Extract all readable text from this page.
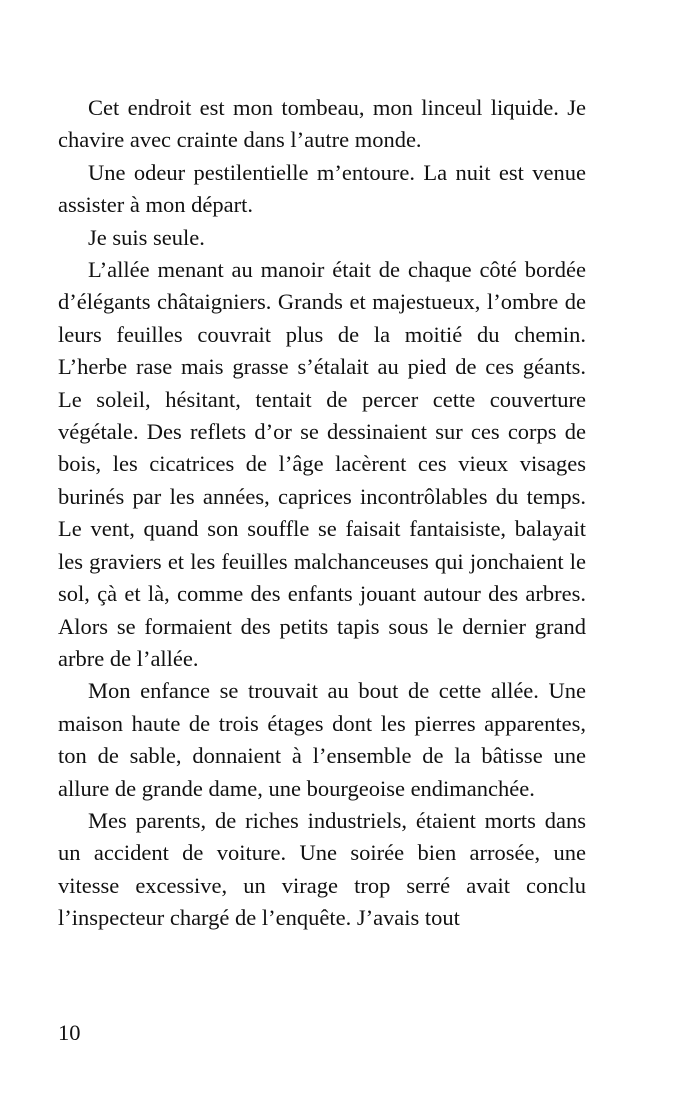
Cet endroit est mon tombeau, mon linceul liquide. Je chavire avec crainte dans l’autre monde.

Une odeur pestilentielle m’entoure. La nuit est venue assister à mon départ.

Je suis seule.

L’allée menant au manoir était de chaque côté bordée d’élégants châtaigniers. Grands et majestueux, l’ombre de leurs feuilles couvrait plus de la moitié du chemin. L’herbe rase mais grasse s’étalait au pied de ces géants. Le soleil, hésitant, tentait de percer cette couverture végétale. Des reflets d’or se dessinaient sur ces corps de bois, les cicatrices de l’âge lacèrent ces vieux visages burinés par les années, caprices incontrôlables du temps. Le vent, quand son souffle se faisait fantaisiste, balayait les graviers et les feuilles malchanceuses qui jonchaient le sol, çà et là, comme des enfants jouant autour des arbres. Alors se formaient des petits tapis sous le dernier grand arbre de l’allée.

Mon enfance se trouvait au bout de cette allée. Une maison haute de trois étages dont les pierres apparentes, ton de sable, donnaient à l’ensemble de la bâtisse une allure de grande dame, une bourgeoise endimanchée.

Mes parents, de riches industriels, étaient morts dans un accident de voiture. Une soirée bien arrosée, une vitesse excessive, un virage trop serré avait conclu l’inspecteur chargé de l’enquête. J’avais tout

10
